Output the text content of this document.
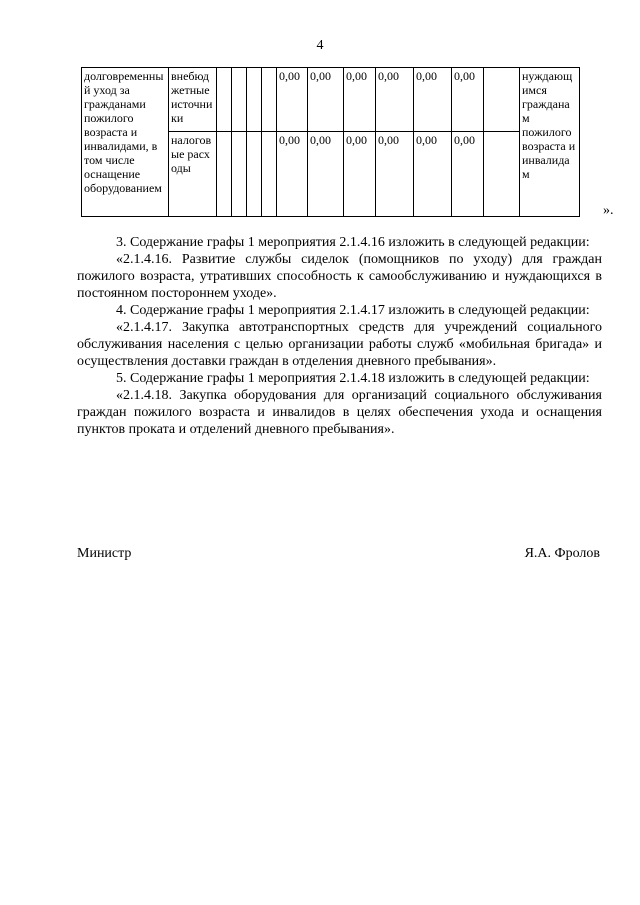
4
долговременный уход за гражданами пожилого возраста и инвалидами, в том числе оснащение оборудованием	внебюджетные источники					0,00	0,00	0,00	0,00	0,00	0,00		нуждающимся гражданам пожилого возраста и инвалидам
	налоговые расходы					0,00	0,00	0,00	0,00	0,00	0,00		
».

3. Содержание графы 1 мероприятия 2.1.4.16 изложить в следующей редакции:

«2.1.4.16. Развитие службы сиделок (помощников по уходу) для граждан пожилого возраста, утративших способность к самообслуживанию и нуждающихся в постоянном постороннем уходе».

4. Содержание графы 1 мероприятия 2.1.4.17 изложить в следующей редакции:

«2.1.4.17. Закупка автотранспортных средств для учреждений социального обслуживания населения с целью организации работы служб «мобильная бригада» и осуществления доставки граждан в отделения дневного пребывания».

5. Содержание графы 1 мероприятия 2.1.4.18 изложить в следующей редакции:

«2.1.4.18. Закупка оборудования для организаций социального обслуживания граждан пожилого возраста и инвалидов в целях обеспечения ухода и оснащения пунктов проката и отделений дневного пребывания».

Министр	Я.А. Фролов
